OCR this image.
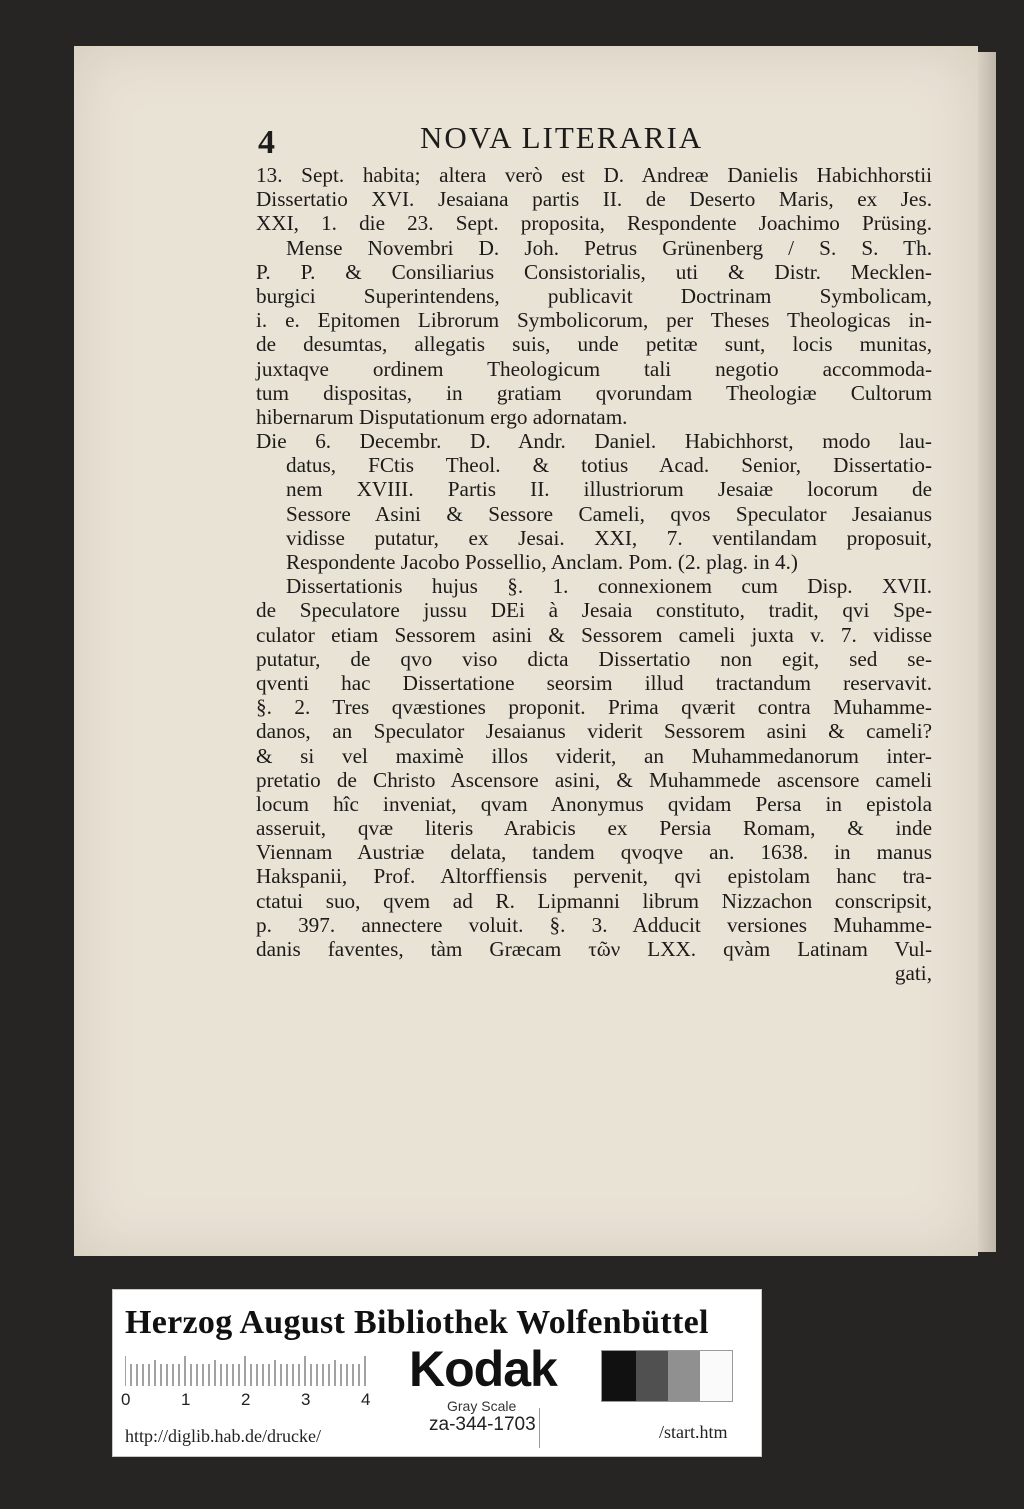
4	NOVA LITERARIA
13. Sept. habita; altera verò est D. Andreæ Danielis Habichhorstii
Dissertatio XVI. Jesaiana partis II. de Deserto Maris, ex Jes.
XXI, 1. die 23. Sept. proposita, Respondente Joachimo Prüsing.
Mense Novembri D. Joh. Petrus Grünenberg / S. S. Th.
P. P. & Consiliarius Consistorialis, uti & Distr. Mecklen-
burgici Superintendens, publicavit Doctrinam Symbolicam,
i. e. Epitomen Librorum Symbolicorum, per Theses Theologicas in-
de desumtas, allegatis suis, unde petitæ sunt, locis munitas,
juxtaqve ordinem Theologicum tali negotio accommoda-
tum dispositas, in gratiam qvorundam Theologiæ Cultorum
hibernarum Disputationum ergo adornatam.
Die 6. Decembr. D. Andr. Daniel. Habichhorst, modo lau-
datus, FCtis Theol. & totius Acad. Senior, Dissertatio-
nem XVIII. Partis II. illustriorum Jesaiæ locorum de
Sessore Asini & Sessore Cameli, qvos Speculator Jesaianus
vidisse putatur, ex Jesai. XXI, 7. ventilandam proposuit,
Respondente Jacobo Possellio, Anclam. Pom. (2. plag. in 4.)
Dissertationis hujus §. 1. connexionem cum Disp. XVII.
de Speculatore jussu DEi à Jesaia constituto, tradit, qvi Spe-
culator etiam Sessorem asini & Sessorem cameli juxta v. 7. vidisse
putatur, de qvo viso dicta Dissertatio non egit, sed se-
qventi hac Dissertatione seorsim illud tractandum reservavit.
§. 2. Tres qvæstiones proponit. Prima qværit contra Muhamme-
danos, an Speculator Jesaianus viderit Sessorem asini & cameli?
& si vel maximè illos viderit, an Muhammedanorum inter-
pretatio de Christo Ascensore asini, & Muhammede ascensore cameli
locum hîc inveniat, qvam Anonymus qvidam Persa in epistola
asseruit, qvæ literis Arabicis ex Persia Romam, & inde
Viennam Austriæ delata, tandem qvoqve an. 1638. in manus
Hakspanii, Prof. Altorffiensis pervenit, qvi epistolam hanc tra-
ctatui suo, qvem ad R. Lipmanni librum Nizzachon conscripsit,
p. 397. annectere voluit. §. 3. Adducit versiones Muhamme-
danis faventes, tàm Græcam τῶν LXX. qvàm Latinam Vul-
gati,
Herzog August Bibliothek Wolfenbüttel
0	1	2	3	4
Kodak
Gray Scale
http://diglib.hab.de/drucke/
za-344-1703	/start.htm
